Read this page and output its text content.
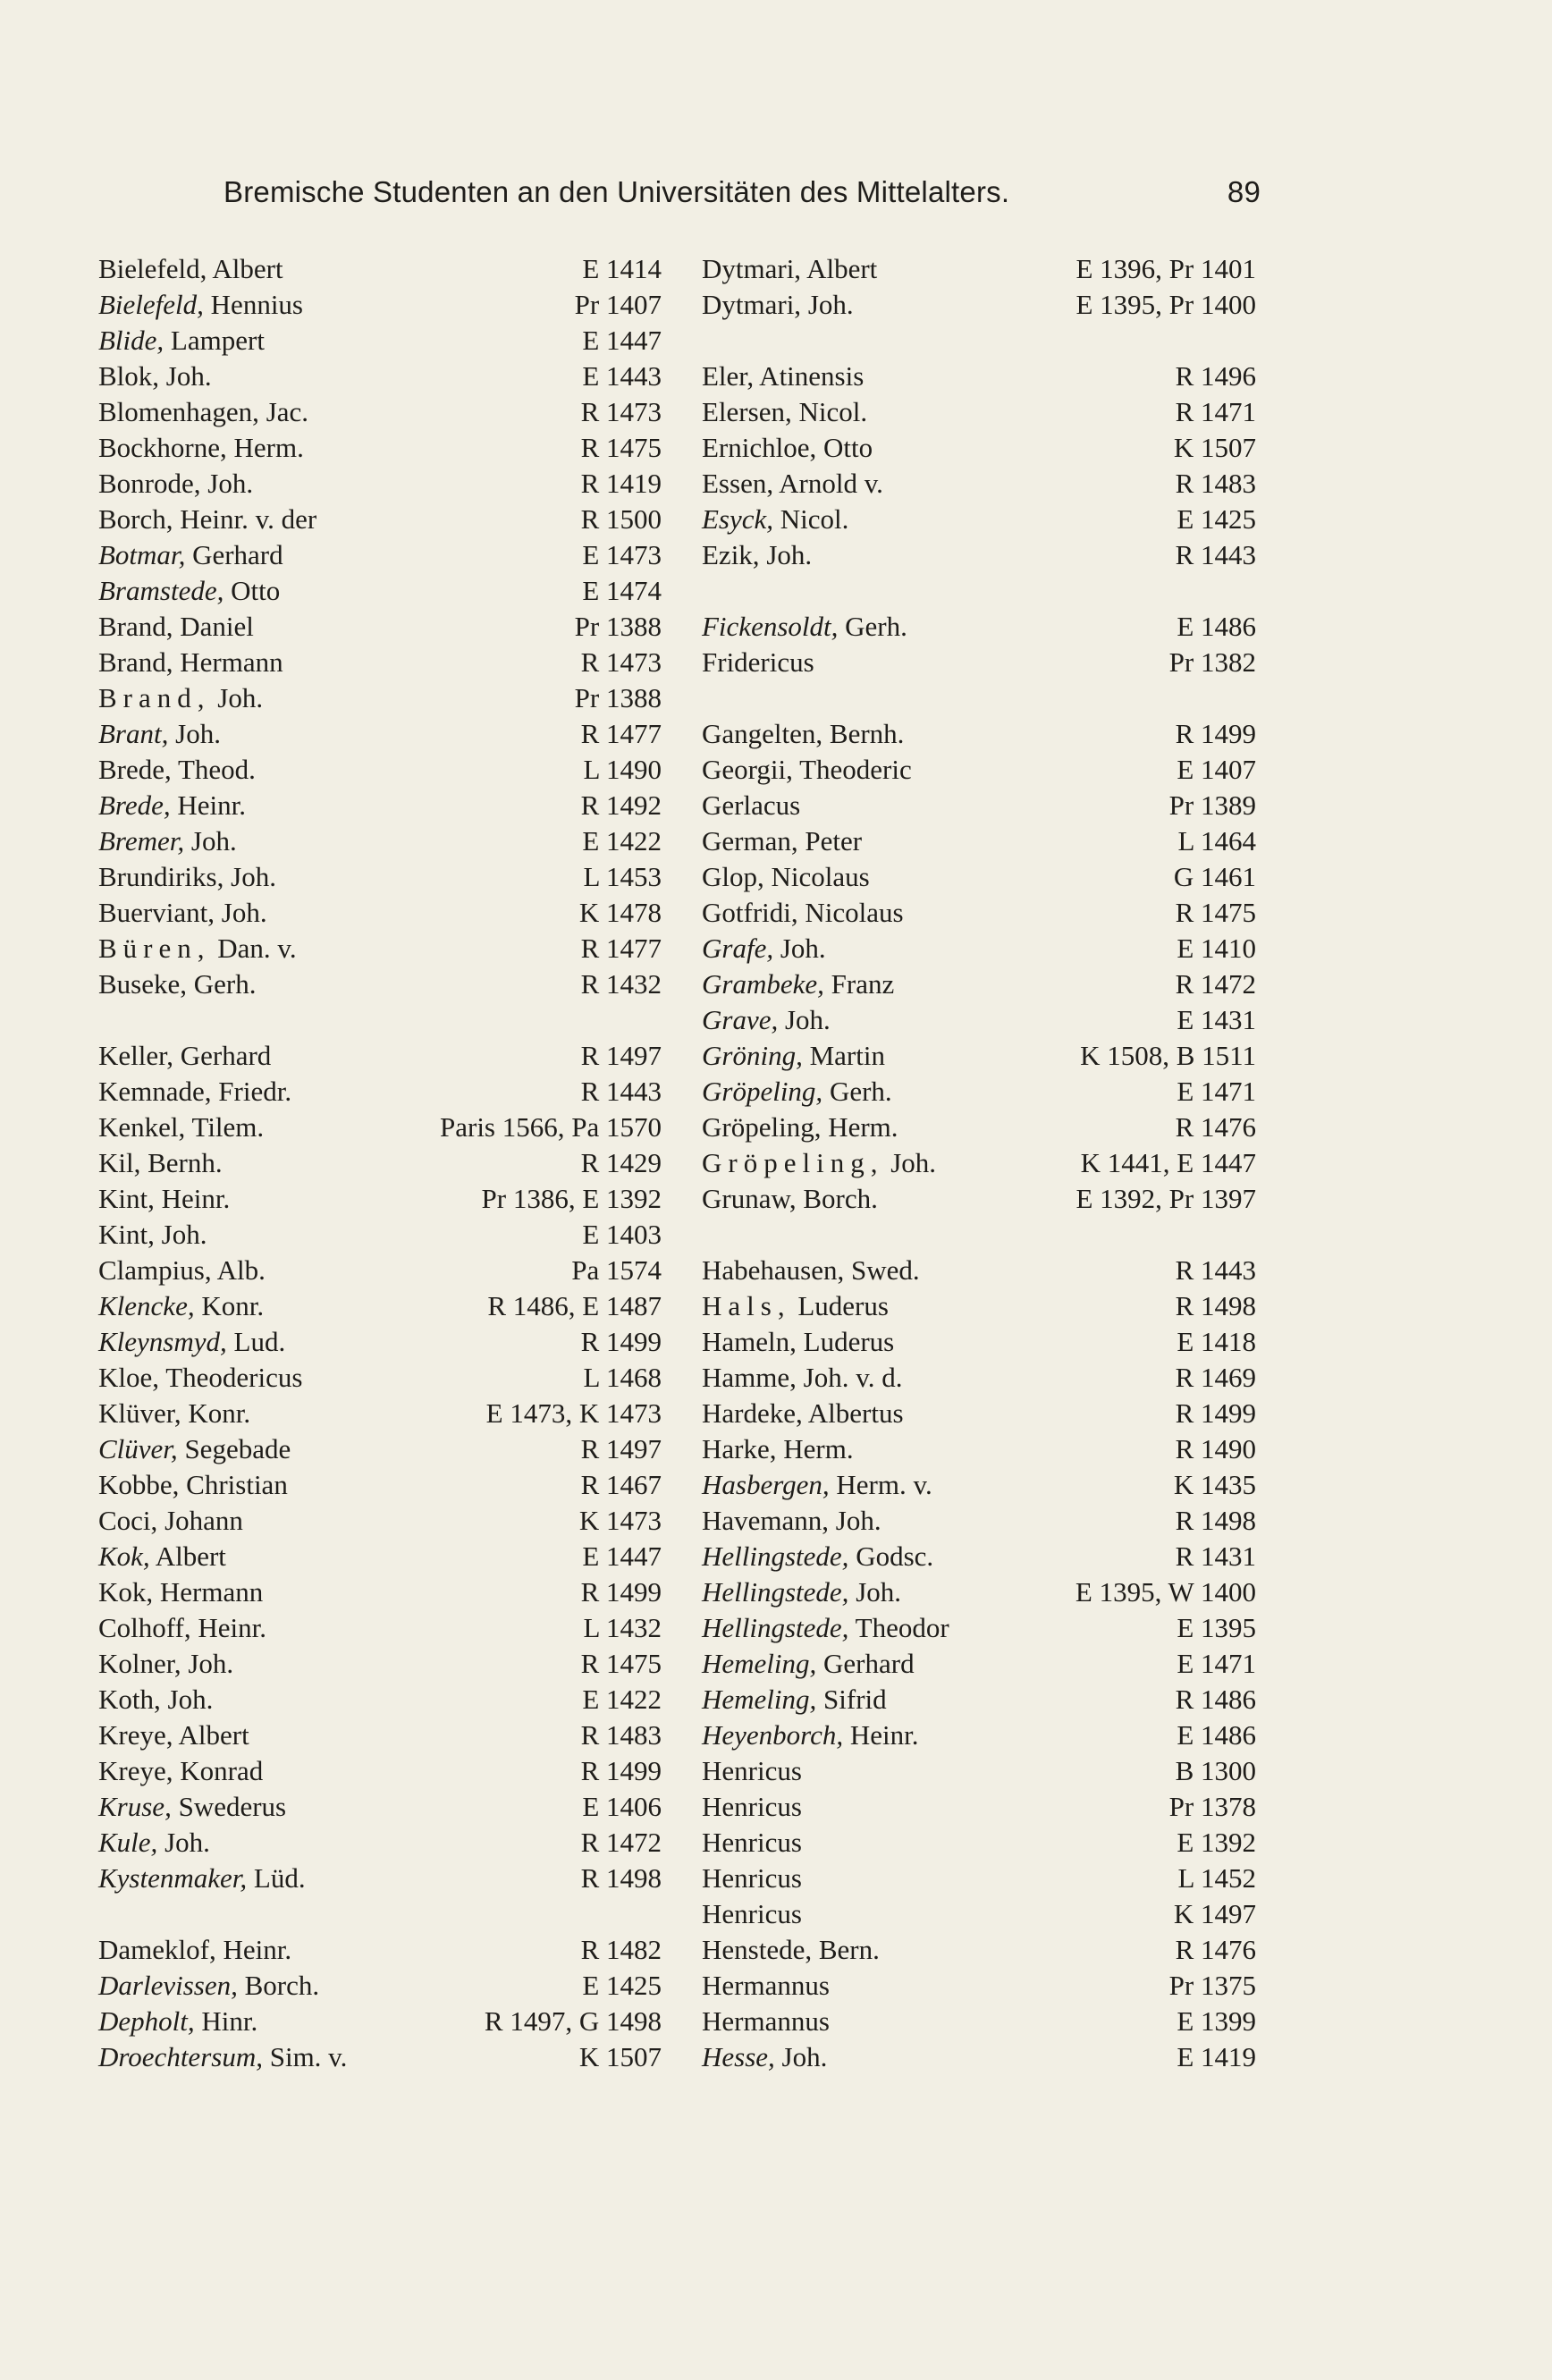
Bremische Studenten an den Universitäten des Mittelalters.	89
Bielefeld, Albert	E 1414
Bielefeld, Hennius	Pr 1407
Blide, Lampert	E 1447
Blok, Joh.	E 1443
Blomenhagen, Jac.	R 1473
Bockhorne, Herm.	R 1475
Bonrode, Joh.	R 1419
Borch, Heinr. v. der	R 1500
Botmar, Gerhard	E 1473
Bramstede, Otto	E 1474
Brand, Daniel	Pr 1388
Brand, Hermann	R 1473
Brand, Joh.	Pr 1388
Brant, Joh.	R 1477
Brede, Theod.	L 1490
Brede, Heinr.	R 1492
Bremer, Joh.	E 1422
Brundiriks, Joh.	L 1453
Buerviant, Joh.	K 1478
Büren, Dan. v.	R 1477
Buseke, Gerh.	R 1432
Keller, Gerhard	R 1497
Kemnade, Friedr.	R 1443
Kenkel, Tilem.	Paris 1566, Pa 1570
Kil, Bernh.	R 1429
Kint, Heinr.	Pr 1386, E 1392
Kint, Joh.	E 1403
Clampius, Alb.	Pa 1574
Klencke, Konr.	R 1486, E 1487
Kleynsmyd, Lud.	R 1499
Kloe, Theodericus	L 1468
Klüver, Konr.	E 1473, K 1473
Clüver, Segebade	R 1497
Kobbe, Christian	R 1467
Coci, Johann	K 1473
Kok, Albert	E 1447
Kok, Hermann	R 1499
Colhoff, Heinr.	L 1432
Kolner, Joh.	R 1475
Koth, Joh.	E 1422
Kreye, Albert	R 1483
Kreye, Konrad	R 1499
Kruse, Swederus	E 1406
Kule, Joh.	R 1472
Kystenmaker, Lüd.	R 1498
Dameklof, Heinr.	R 1482
Darlevissen, Borch.	E 1425
Depholt, Hinr.	R 1497, G 1498
Droechtersum, Sim. v.	K 1507
Dytmari, Albert	E 1396, Pr 1401
Dytmari, Joh.	E 1395, Pr 1400
Eler, Atinensis	R 1496
Elersen, Nicol.	R 1471
Ernichloe, Otto	K 1507
Essen, Arnold v.	R 1483
Esyck, Nicol.	E 1425
Ezik, Joh.	R 1443
Fickensoldt, Gerh.	E 1486
Fridericus	Pr 1382
Gangelten, Bernh.	R 1499
Georgii, Theoderic	E 1407
Gerlacus	Pr 1389
German, Peter	L 1464
Glop, Nicolaus	G 1461
Gotfridi, Nicolaus	R 1475
Grafe, Joh.	E 1410
Grambeke, Franz	R 1472
Grave, Joh.	E 1431
Gröning, Martin	K 1508, B 1511
Gröpeling, Gerh.	E 1471
Gröpeling, Herm.	R 1476
Gröpeling, Joh.	K 1441, E 1447
Grunaw, Borch.	E 1392, Pr 1397
Habehausen, Swed.	R 1443
Hals, Luderus	R 1498
Hameln, Luderus	E 1418
Hamme, Joh. v. d.	R 1469
Hardeke, Albertus	R 1499
Harke, Herm.	R 1490
Hasbergen, Herm. v.	K 1435
Havemann, Joh.	R 1498
Hellingstede, Godsc.	R 1431
Hellingstede, Joh.	E 1395, W 1400
Hellingstede, Theodor	E 1395
Hemeling, Gerhard	E 1471
Hemeling, Sifrid	R 1486
Heyenborch, Heinr.	E 1486
Henricus	B 1300
Henricus	Pr 1378
Henricus	E 1392
Henricus	L 1452
Henricus	K 1497
Henstede, Bern.	R 1476
Hermannus	Pr 1375
Hermannus	E 1399
Hesse, Joh.	E 1419
